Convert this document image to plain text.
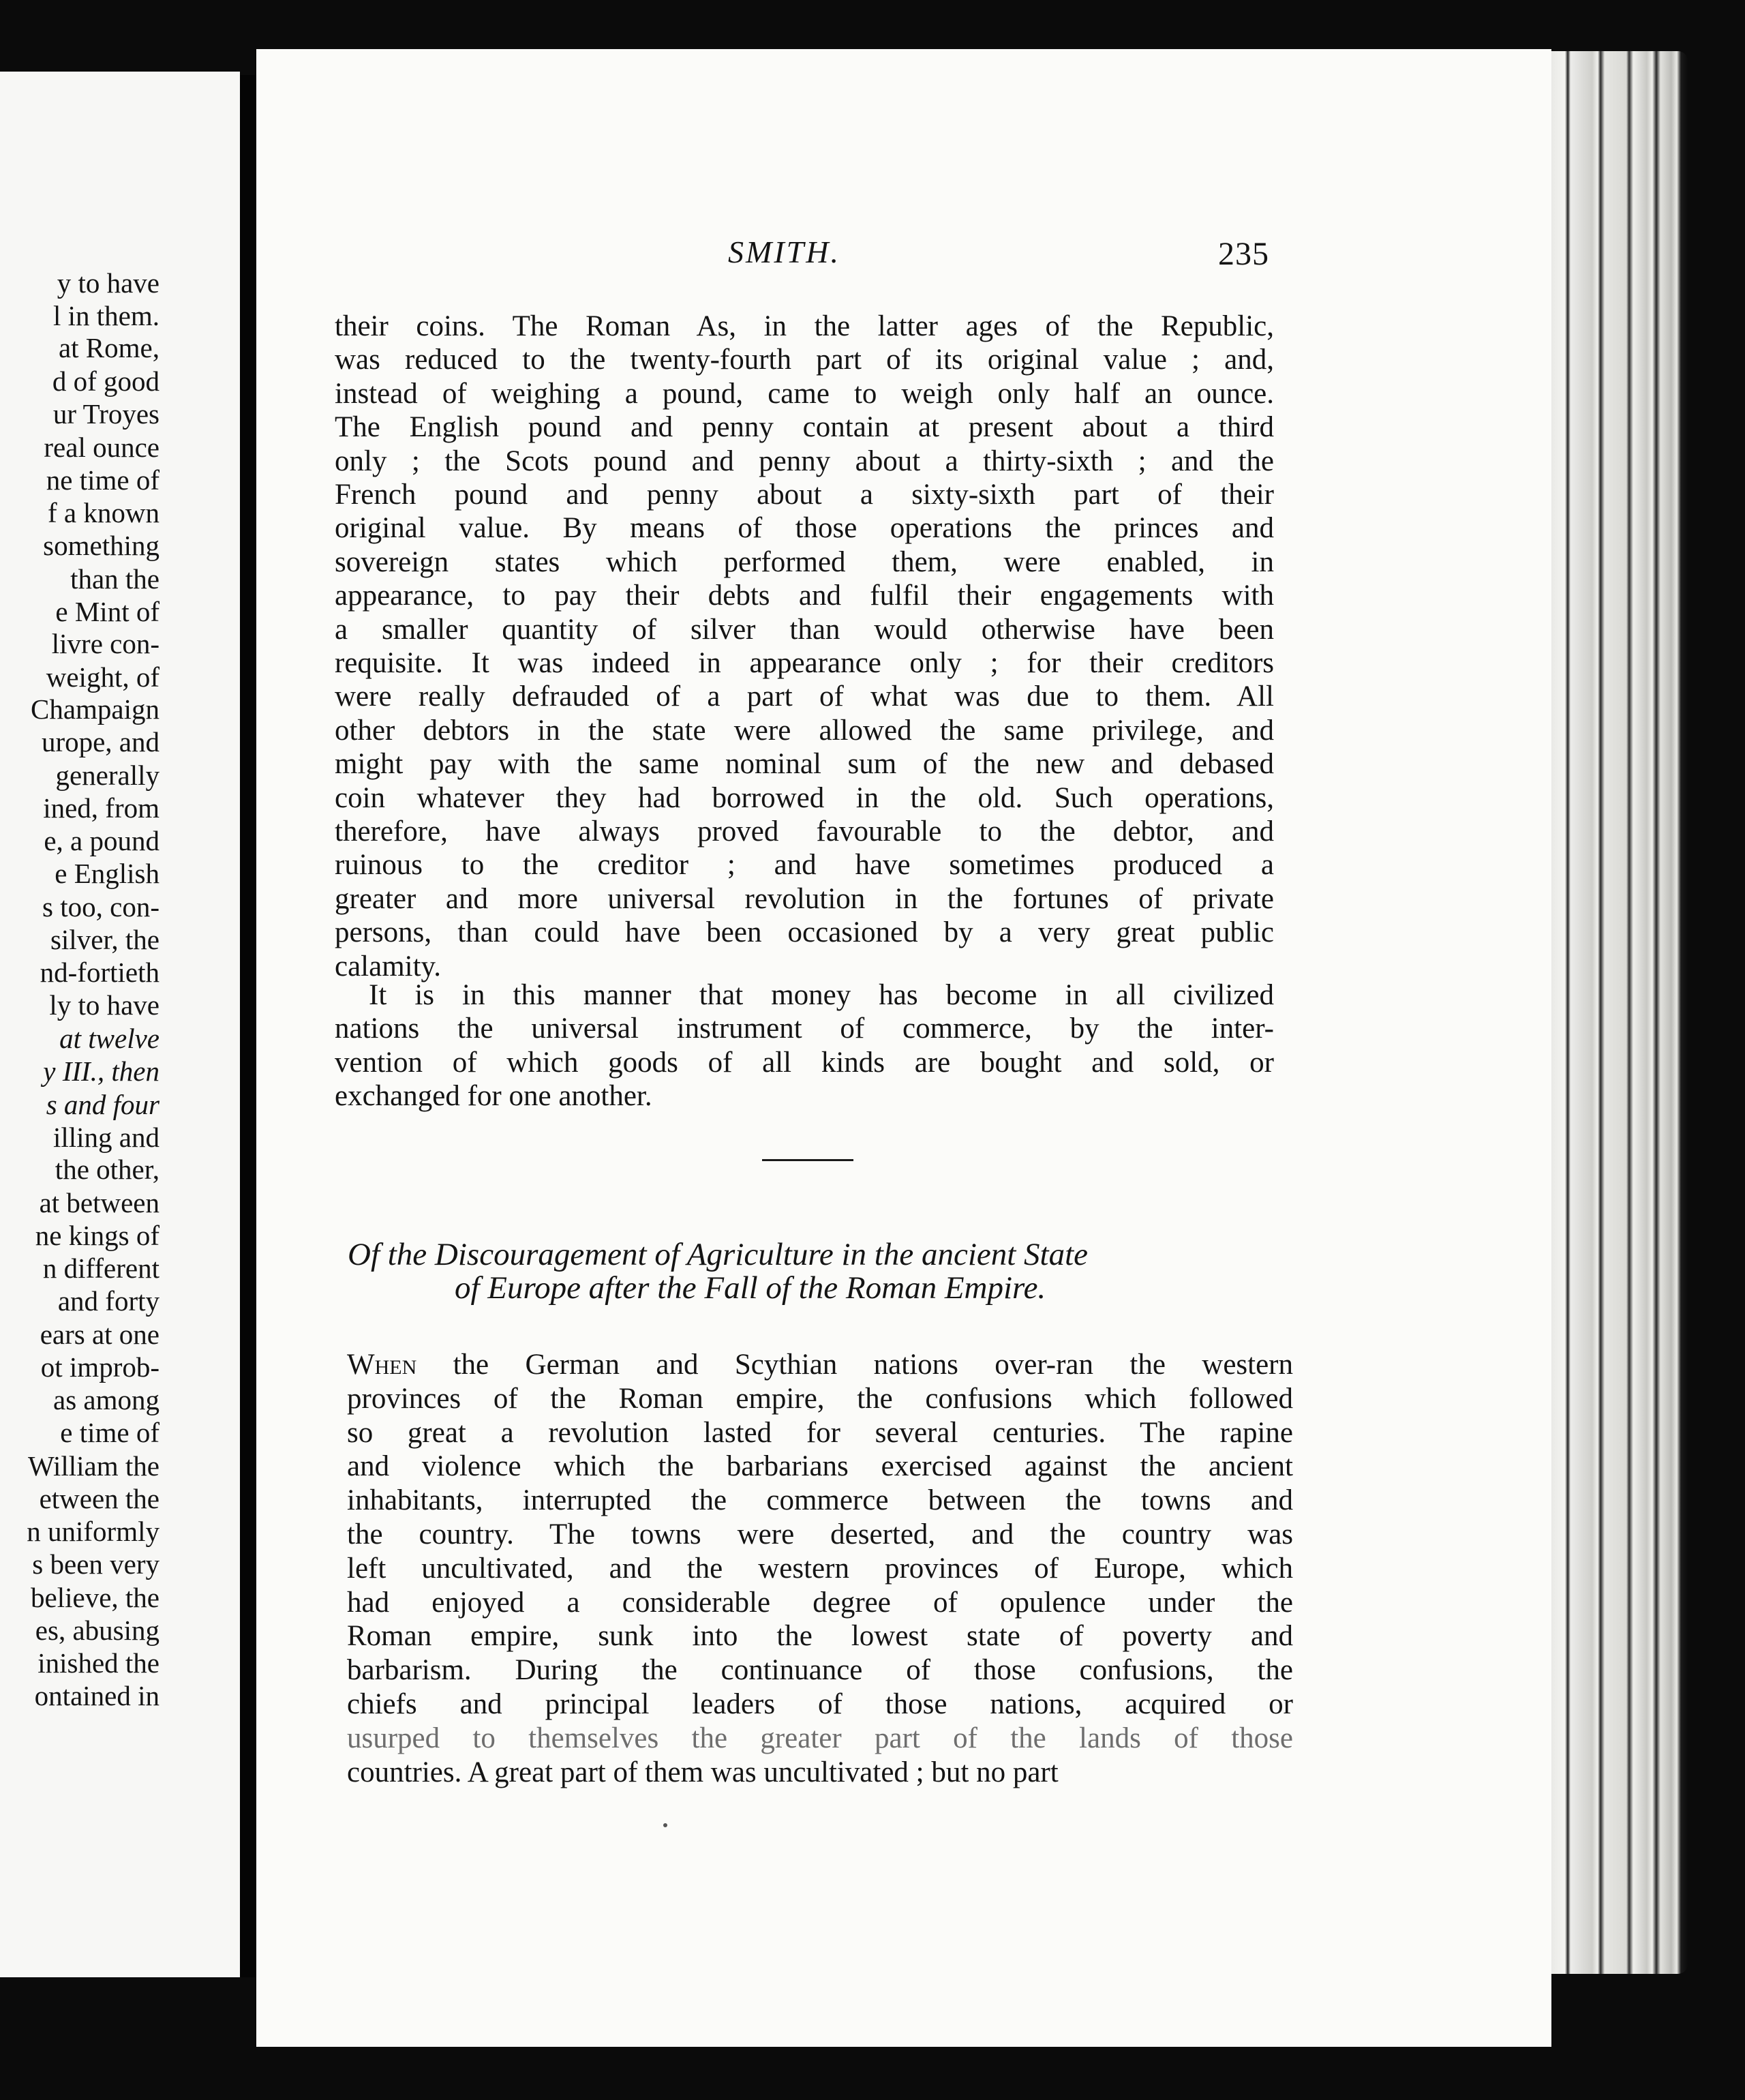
y to have
l in them.
at Rome,
d of good
ur Troyes
real ounce
ne time of
f a known
something
than the
e Mint of
livre con-
weight, of
Champaign
urope, and
generally
ined, from
e, a pound
e English
s too, con-
silver, the
nd-fortieth
ly to have
at twelve
y III., then
s and four
illing and
the other,
at between
ne kings of
n different
and forty
ears at one
ot improb-
as among
e time of
William the
etween the
n uniformly
s been very
believe, the
es, abusing
inished the
ontained in
SMITH.	235
their coins. The Roman As, in the latter ages of the Republic,
was reduced to the twenty-fourth part of its original value ; and,
instead of weighing a pound, came to weigh only half an ounce.
The English pound and penny contain at present about a third
only ; the Scots pound and penny about a thirty-sixth ; and the
French pound and penny about a sixty-sixth part of their
original value. By means of those operations the princes and
sovereign states which performed them, were enabled, in
appearance, to pay their debts and fulfil their engagements with
a smaller quantity of silver than would otherwise have been
requisite. It was indeed in appearance only ; for their creditors
were really defrauded of a part of what was due to them. All
other debtors in the state were allowed the same privilege, and
might pay with the same nominal sum of the new and debased
coin whatever they had borrowed in the old. Such operations,
therefore, have always proved favourable to the debtor, and
ruinous to the creditor ; and have sometimes produced a
greater and more universal revolution in the fortunes of private
persons, than could have been occasioned by a very great public
calamity.
It is in this manner that money has become in all civilized
nations the universal instrument of commerce, by the inter-
vention of which goods of all kinds are bought and sold, or
exchanged for one another.
Of the Discouragement of Agriculture in the ancient State
of Europe after the Fall of the Roman Empire.
When the German and Scythian nations over-ran the western
provinces of the Roman empire, the confusions which followed
so great a revolution lasted for several centuries. The rapine
and violence which the barbarians exercised against the ancient
inhabitants, interrupted the commerce between the towns and
the country. The towns were deserted, and the country was
left uncultivated, and the western provinces of Europe, which
had enjoyed a considerable degree of opulence under the
Roman empire, sunk into the lowest state of poverty and
barbarism. During the continuance of those confusions, the
chiefs and principal leaders of those nations, acquired or
usurped to themselves the greater part of the lands of those
countries. A great part of them was uncultivated ; but no part
